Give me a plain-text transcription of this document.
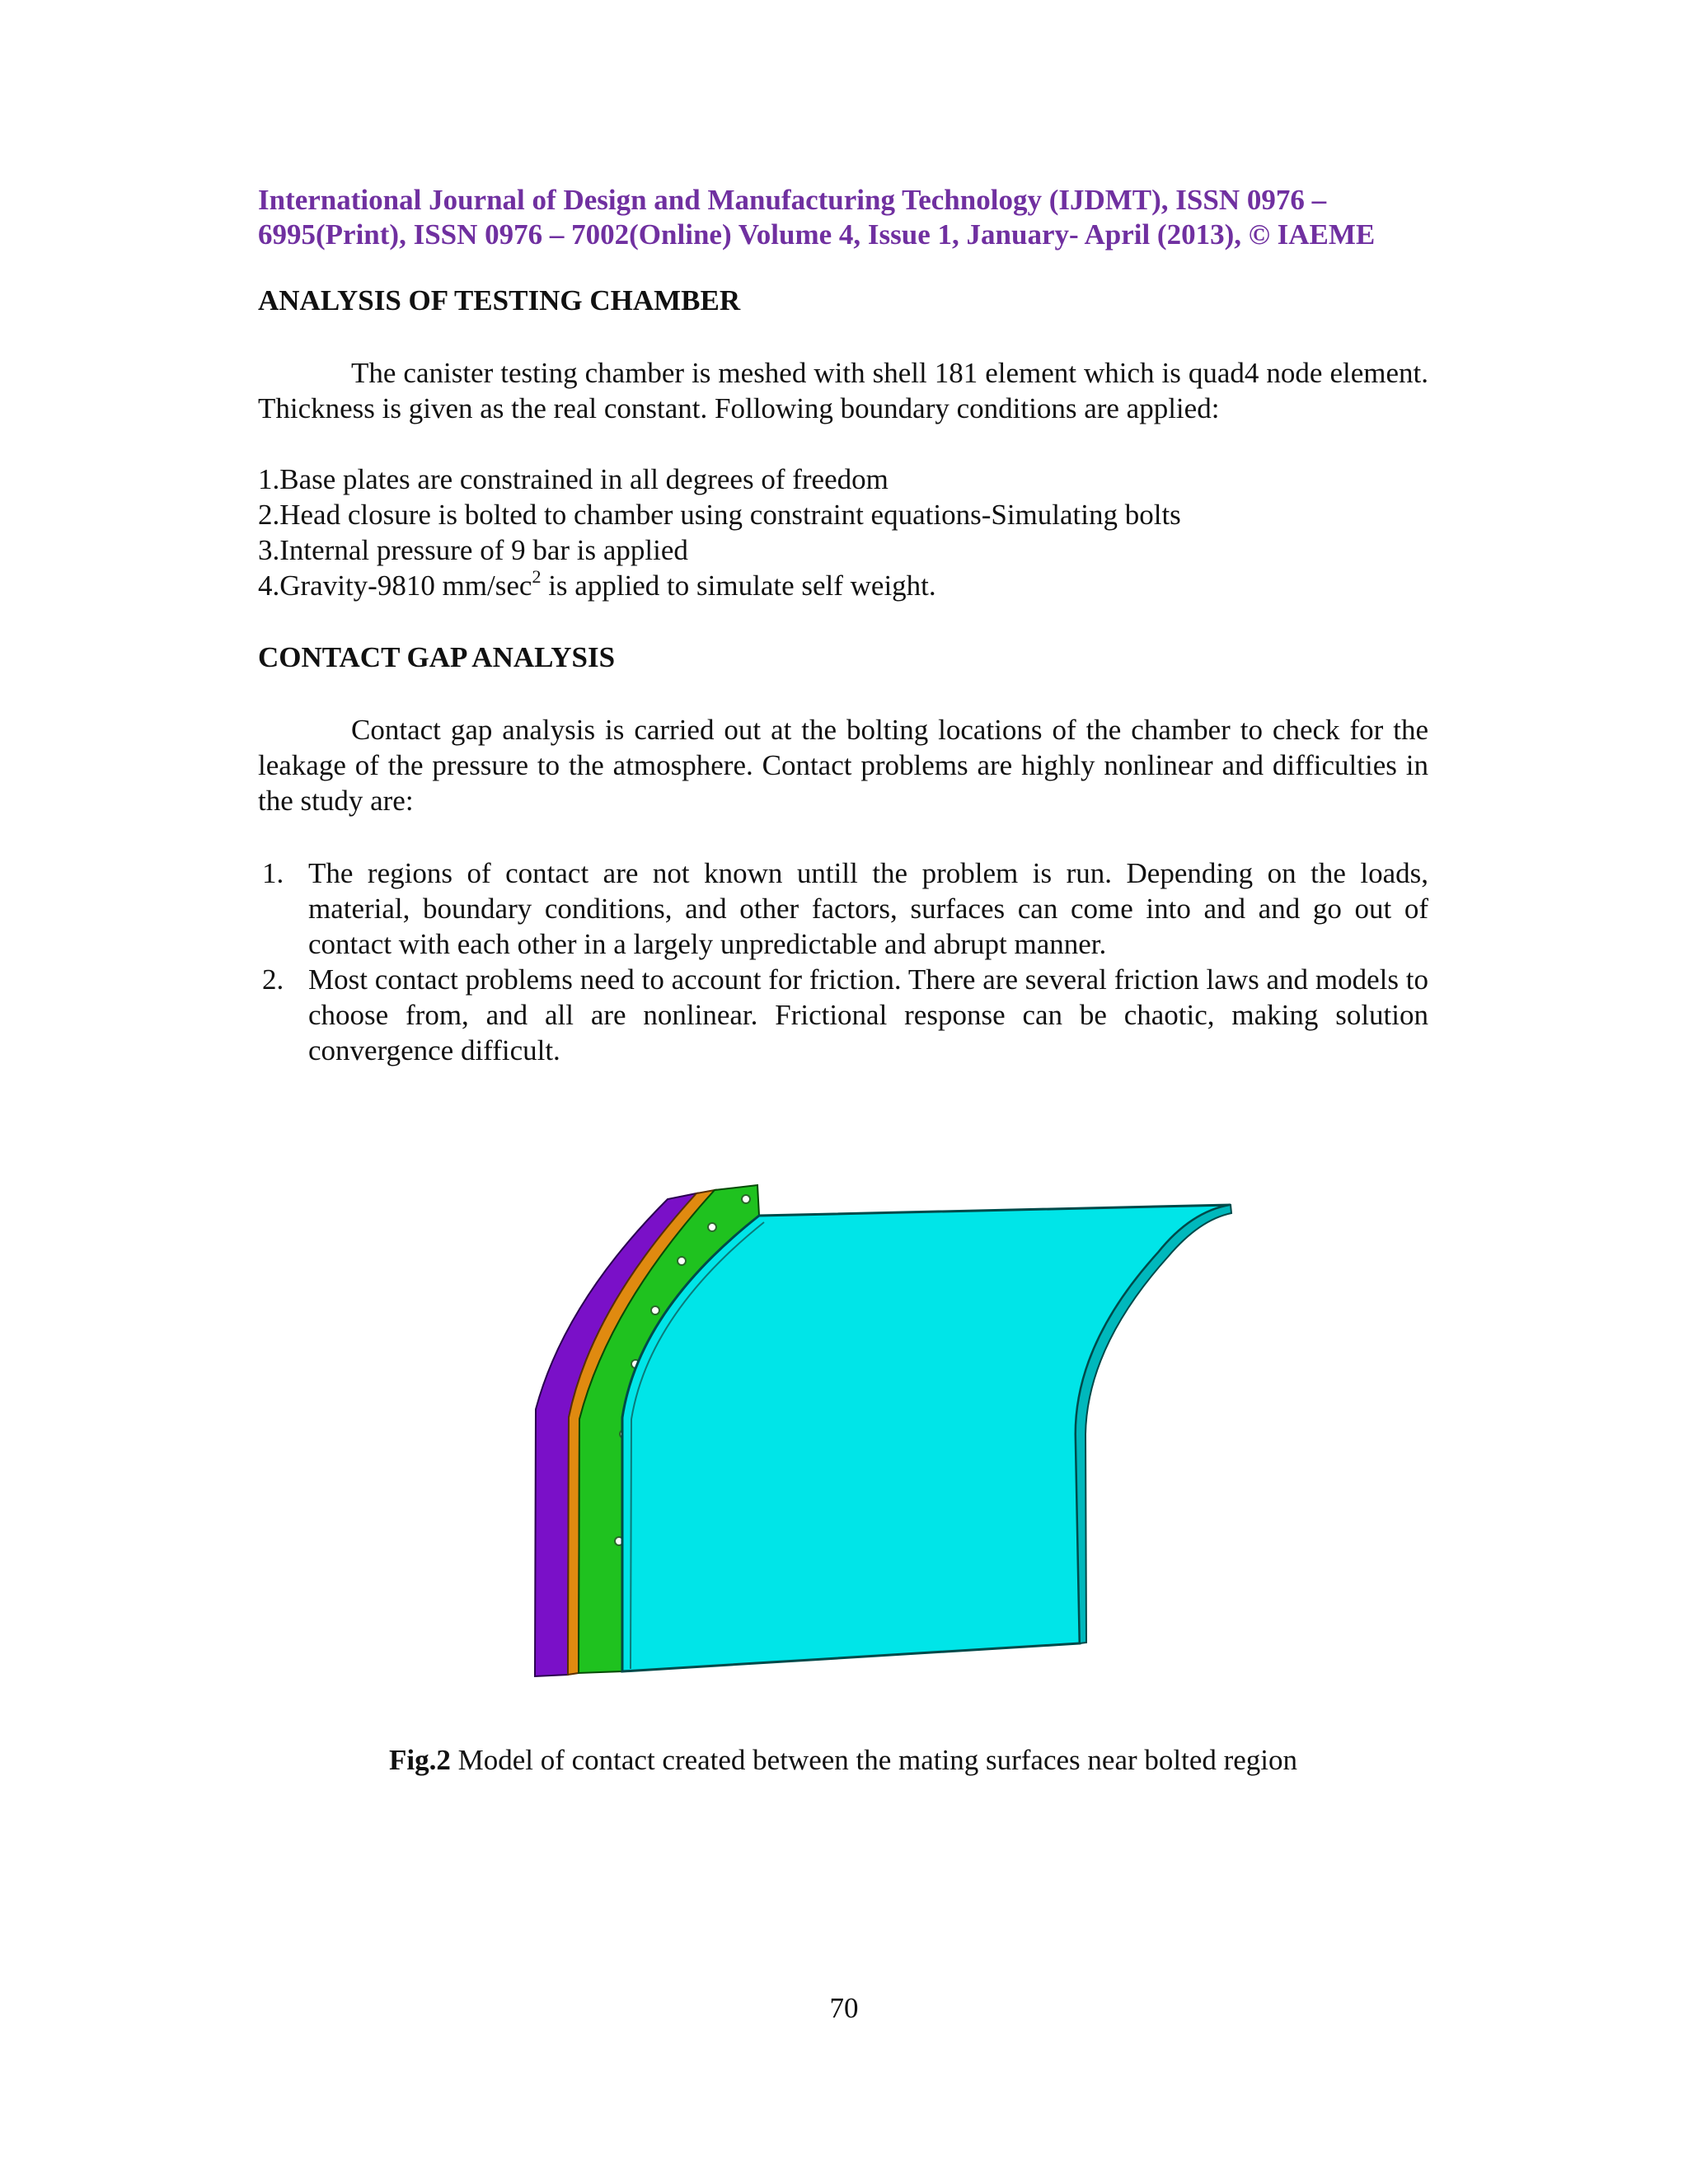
International Journal of Design and Manufacturing Technology (IJDMT), ISSN 0976 –
6995(Print), ISSN 0976 – 7002(Online) Volume 4, Issue 1, January- April (2013), © IAEME
ANALYSIS OF TESTING CHAMBER
The canister testing chamber is meshed with shell 181 element which is quad4 node element. Thickness is given as the real constant. Following boundary conditions are applied:
1.Base plates are constrained in all degrees of freedom
2.Head closure is bolted to chamber using constraint equations-Simulating bolts
3.Internal pressure of 9 bar is applied
4.Gravity-9810 $mm/\sec^2$ is applied to simulate self weight.
CONTACT GAP ANALYSIS
Contact gap analysis is carried out at the bolting locations of the chamber to check for the leakage of the pressure to the atmosphere. Contact problems are highly nonlinear and difficulties in the study are:
1. The regions of contact are not known untill the problem is run. Depending on the loads, material, boundary conditions, and other factors, surfaces can come into and and go out of contact with each other in a largely unpredictable and abrupt manner.
2. Most contact problems need to account for friction. There are several friction laws and models to choose from, and all are nonlinear. Frictional response can be chaotic, making solution convergence difficult.
Fig.2 Model of contact created between the mating surfaces near bolted region
70
